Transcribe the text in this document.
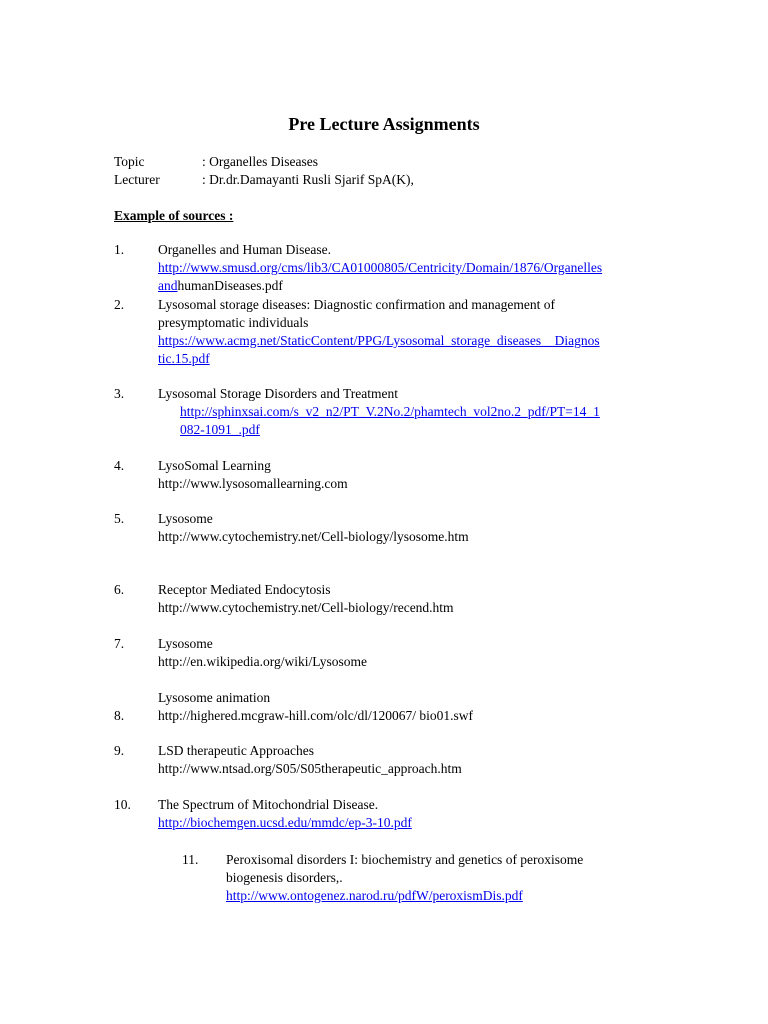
Pre Lecture Assignments
Topic	: Organelles Diseases
Lecturer	: Dr.dr.Damayanti Rusli Sjarif SpA(K),
Example of sources :
1.	Organelles and Human Disease.
http://www.smusd.org/cms/lib3/CA01000805/Centricity/Domain/1876/Organelles
andhumanDiseases.pdf
2.	Lysosomal storage diseases: Diagnostic confirmation and management of
presymptomatic individuals
https://www.acmg.net/StaticContent/PPG/Lysosomal_storage_diseases__Diagnos
tic.15.pdf
3.	Lysosomal Storage Disorders and Treatment
http://sphinxsai.com/s_v2_n2/PT_V.2No.2/phamtech_vol2no.2_pdf/PT=14_1
082-1091_.pdf
4.	LysoSomal Learning
http://www.lysosomallearning.com
5.	Lysosome
http://www.cytochemistry.net/Cell-biology/lysosome.htm
6.	Receptor Mediated Endocytosis
http://www.cytochemistry.net/Cell-biology/recend.htm
7.	Lysosome
http://en.wikipedia.org/wiki/Lysosome
8.
Lysosome animation
http://highered.mcgraw-hill.com/olc/dl/120067/ bio01.swf
9.	LSD therapeutic Approaches
http://www.ntsad.org/S05/S05therapeutic_approach.htm
10. The Spectrum of Mitochondrial Disease.
http://biochemgen.ucsd.edu/mmdc/ep-3-10.pdf
11. Peroxisomal disorders I: biochemistry and genetics of peroxisome
biogenesis disorders,.
http://www.ontogenez.narod.ru/pdfW/peroxismDis.pdf
